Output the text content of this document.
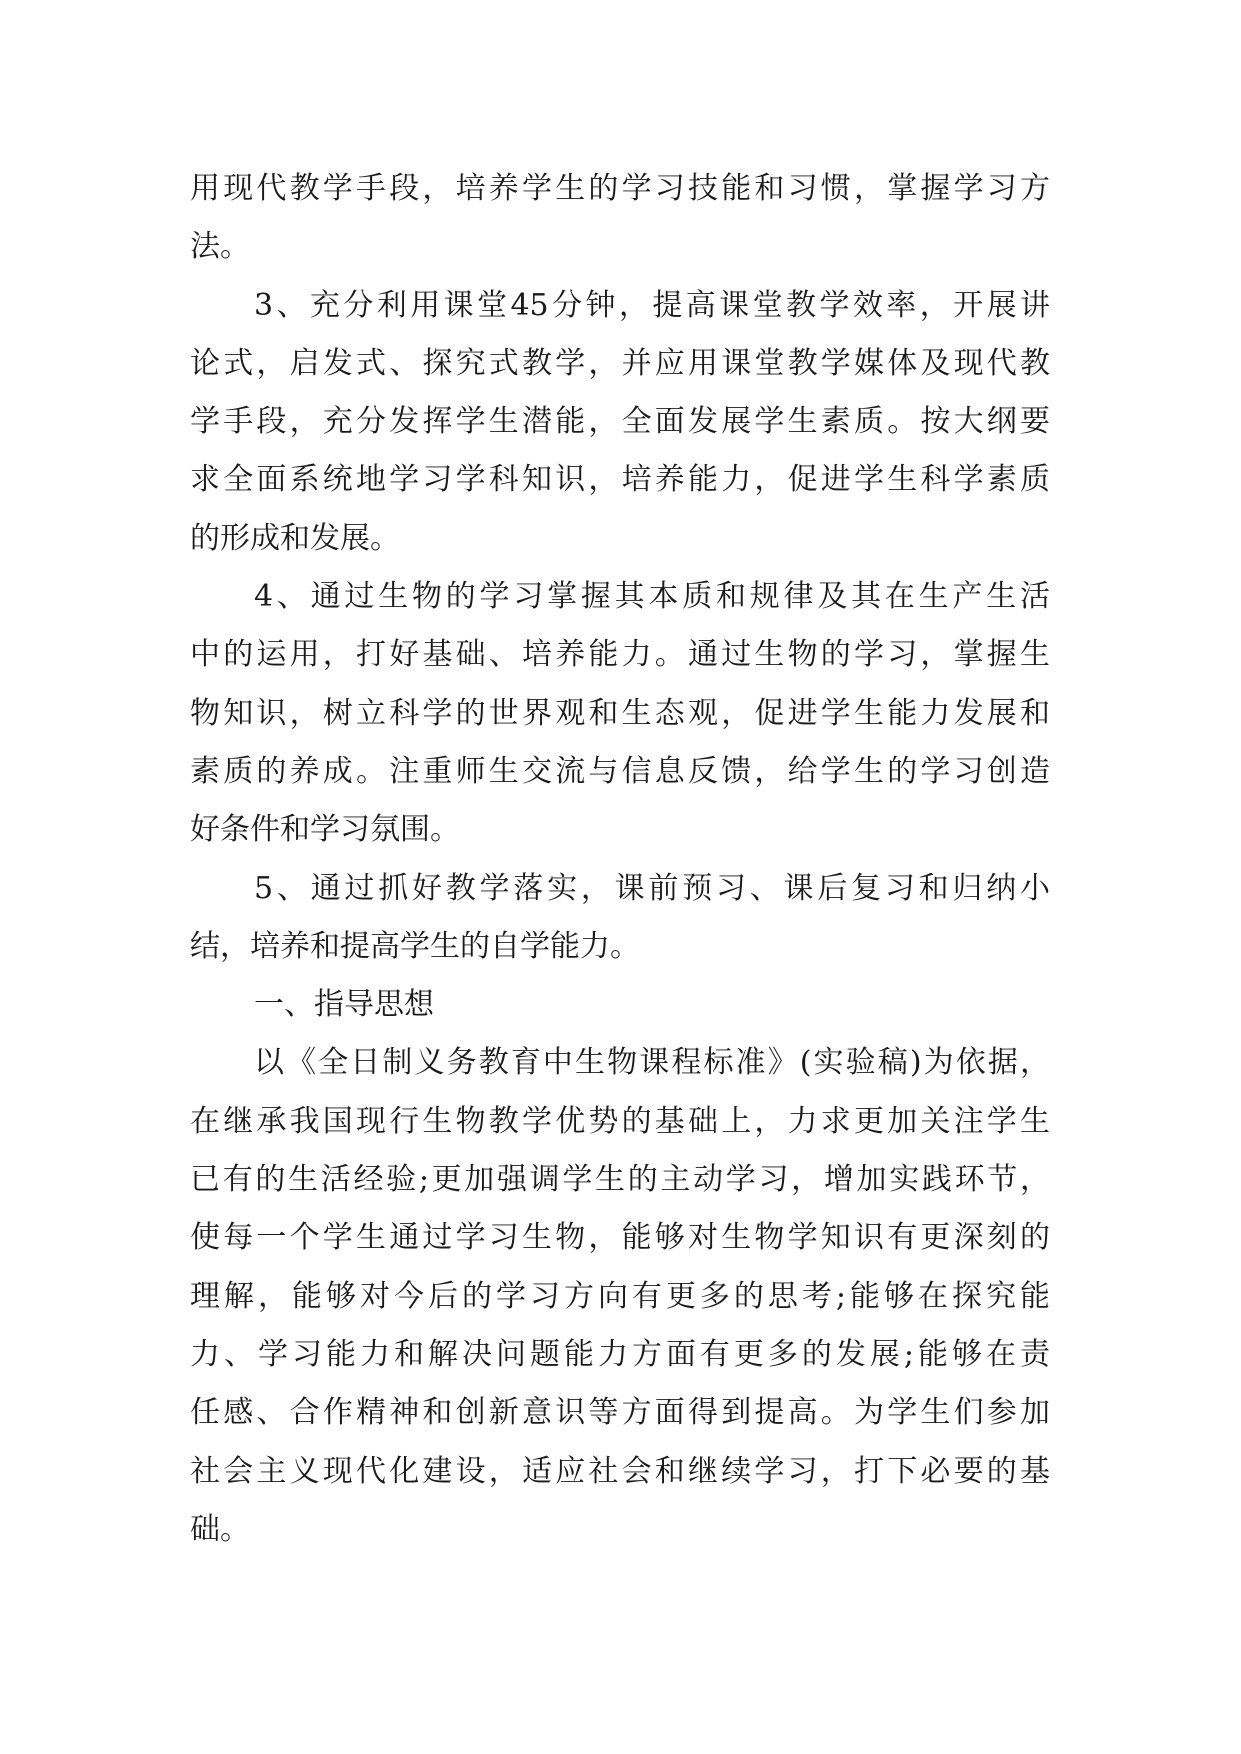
用现代教学手段，培养学生的学习技能和习惯，掌握学习方
法。
3、充分利用课堂45分钟，提高课堂教学效率，开展讲
论式，启发式、探究式教学，并应用课堂教学媒体及现代教
学手段，充分发挥学生潜能，全面发展学生素质。按大纲要
求全面系统地学习学科知识，培养能力，促进学生科学素质
的形成和发展。
4、通过生物的学习掌握其本质和规律及其在生产生活
中的运用，打好基础、培养能力。通过生物的学习，掌握生
物知识，树立科学的世界观和生态观，促进学生能力发展和
素质的养成。注重师生交流与信息反馈，给学生的学习创造
好条件和学习氛围。
5、通过抓好教学落实，课前预习、课后复习和归纳小
结，培养和提高学生的自学能力。
一、指导思想
以《全日制义务教育中生物课程标准》(实验稿)为依据，
在继承我国现行生物教学优势的基础上，力求更加关注学生
已有的生活经验;更加强调学生的主动学习，增加实践环节，
使每一个学生通过学习生物，能够对生物学知识有更深刻的
理解，能够对今后的学习方向有更多的思考;能够在探究能
力、学习能力和解决问题能力方面有更多的发展;能够在责
任感、合作精神和创新意识等方面得到提高。为学生们参加
社会主义现代化建设，适应社会和继续学习，打下必要的基
础。
